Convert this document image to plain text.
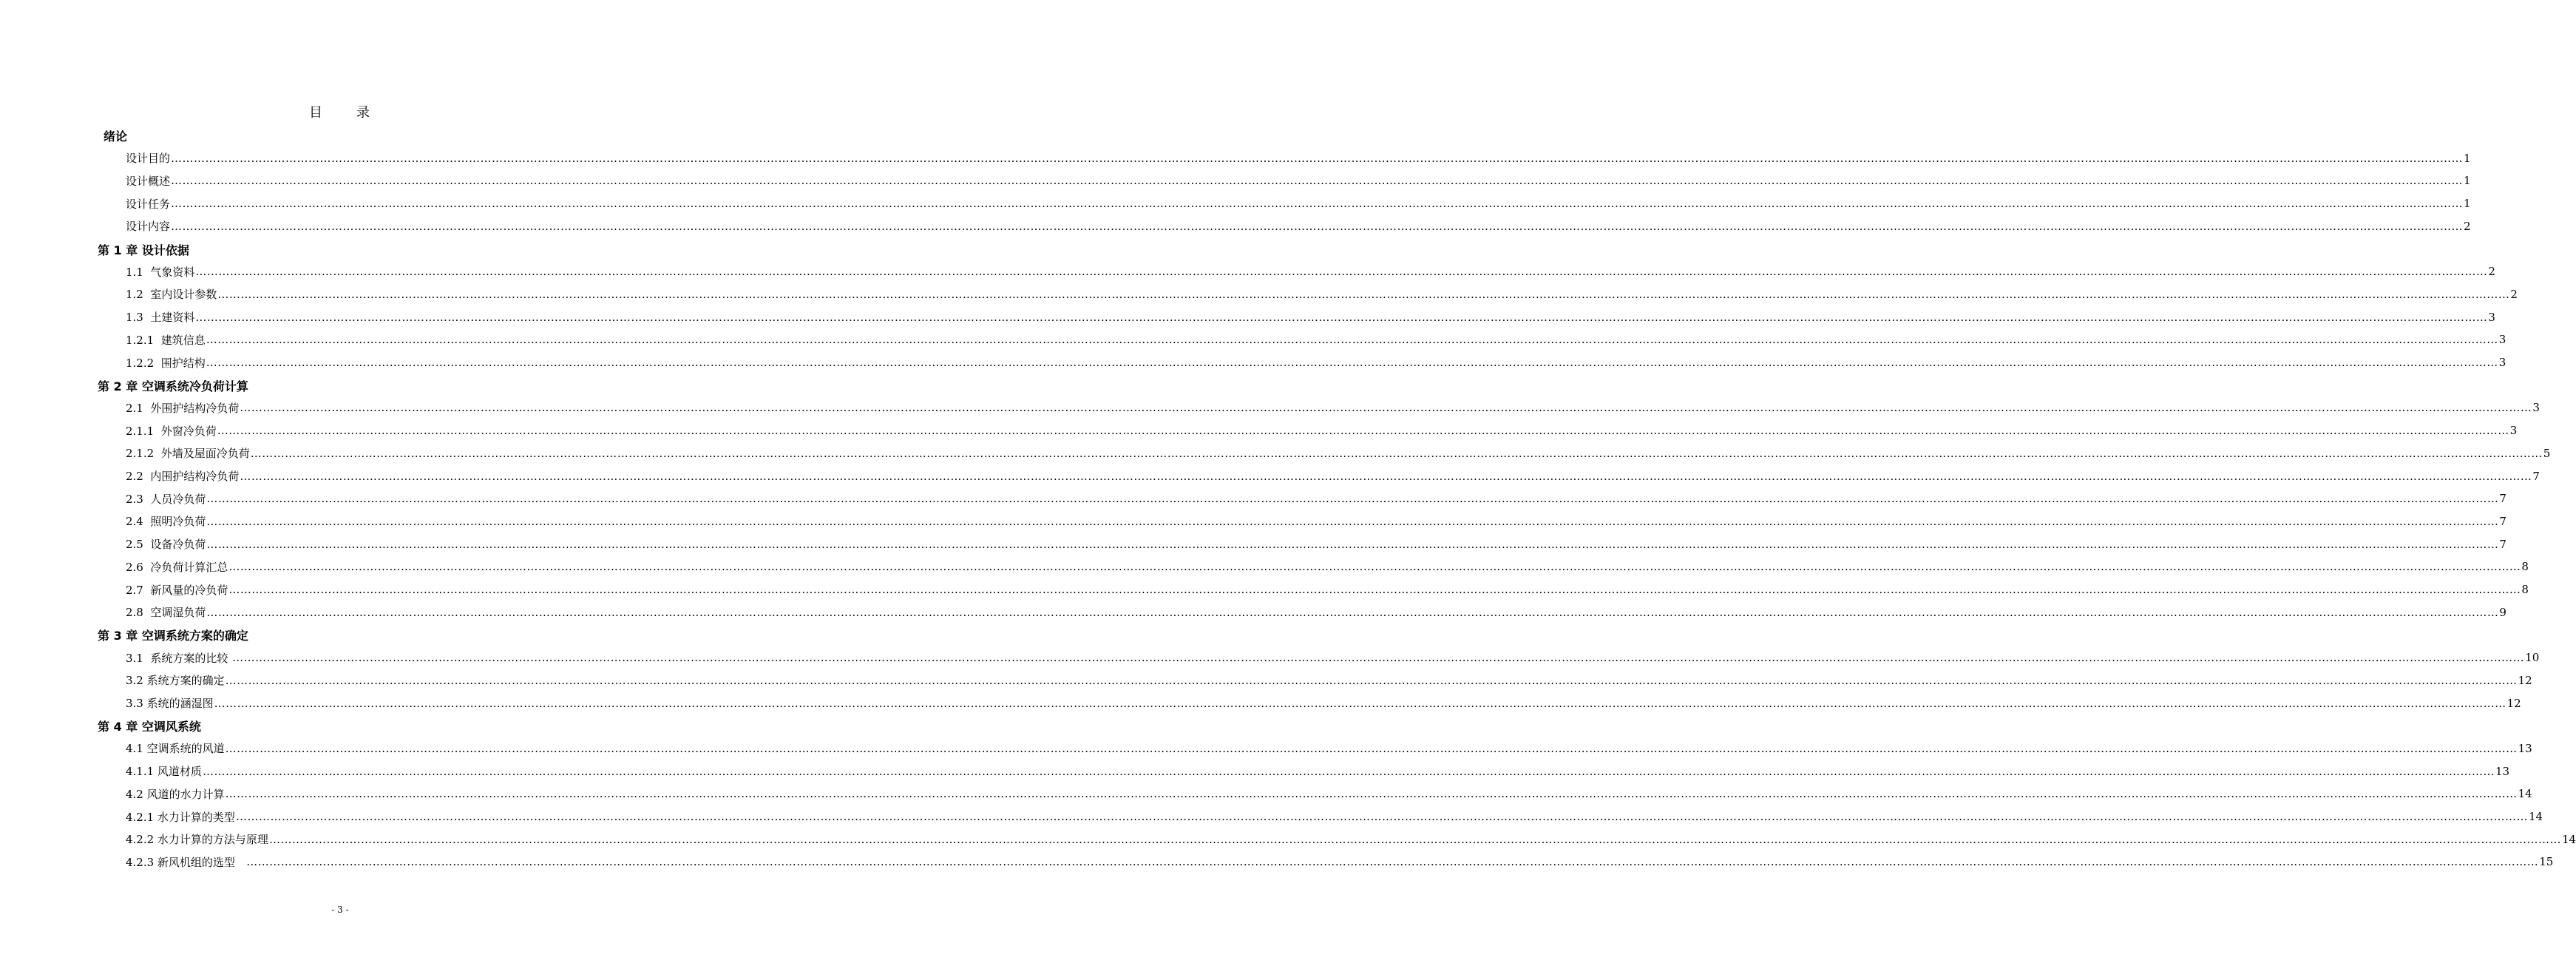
目 录
绪论
设计目的 …………………………………………………………………………………………………………………………………………………………………………………………………………………………………………………………………………………………………………………………………………………………………………………………………………………………………………………………………………………………………………………………………………………… 1
设计概述 …………………………………………………………………………………………………………………………………………………………………………………………………………………………………………………………………………………………………………………………………………………………………………………………………………………………………………………………………………………………………………………………………………………… 1
设计任务 …………………………………………………………………………………………………………………………………………………………………………………………………………………………………………………………………………………………………………………………………………………………………………………………………………………………………………………………………………………………………………………………………………………… 1
设计内容 …………………………………………………………………………………………………………………………………………………………………………………………………………………………………………………………………………………………………………………………………………………………………………………………………………………………………………………………………………………………………………………………………………………… 2
第 1 章 设计依据
1.1  气象资料 …………………………………………………………………………………………………………………………………………………………………………………………………………………………………………………………………………………………………………………………………………………………………………………………………………………………………………………………………………………………………………………………………………………… 2
1.2  室内设计参数 …………………………………………………………………………………………………………………………………………………………………………………………………………………………………………………………………………………………………………………………………………………………………………………………………………………………………………………………………………………………………………………………………………………… 2
1.3  土建资料 …………………………………………………………………………………………………………………………………………………………………………………………………………………………………………………………………………………………………………………………………………………………………………………………………………………………………………………………………………………………………………………………………………………… 3
1.2.1  建筑信息 …………………………………………………………………………………………………………………………………………………………………………………………………………………………………………………………………………………………………………………………………………………………………………………………………………………………………………………………………………………………………………………………………………………… 3
1.2.2  围护结构 …………………………………………………………………………………………………………………………………………………………………………………………………………………………………………………………………………………………………………………………………………………………………………………………………………………………………………………………………………………………………………………………………………………… 3
第 2 章 空调系统冷负荷计算
2.1  外围护结构冷负荷 …………………………………………………………………………………………………………………………………………………………………………………………………………………………………………………………………………………………………………………………………………………………………………………………………………………………………………………………………………………………………………………………………………………… 3
2.1.1  外窗冷负荷 …………………………………………………………………………………………………………………………………………………………………………………………………………………………………………………………………………………………………………………………………………………………………………………………………………………………………………………………………………………………………………………………………………………… 3
2.1.2  外墙及屋面冷负荷 …………………………………………………………………………………………………………………………………………………………………………………………………………………………………………………………………………………………………………………………………………………………………………………………………………………………………………………………………………………………………………………………………………………… 5
2.2  内围护结构冷负荷 …………………………………………………………………………………………………………………………………………………………………………………………………………………………………………………………………………………………………………………………………………………………………………………………………………………………………………………………………………………………………………………………………………………… 7
2.3  人员冷负荷 …………………………………………………………………………………………………………………………………………………………………………………………………………………………………………………………………………………………………………………………………………………………………………………………………………………………………………………………………………………………………………………………………………………… 7
2.4  照明冷负荷 …………………………………………………………………………………………………………………………………………………………………………………………………………………………………………………………………………………………………………………………………………………………………………………………………………………………………………………………………………………………………………………………………………………… 7
2.5  设备冷负荷 …………………………………………………………………………………………………………………………………………………………………………………………………………………………………………………………………………………………………………………………………………………………………………………………………………………………………………………………………………………………………………………………………………………… 7
2.6  冷负荷计算汇总 …………………………………………………………………………………………………………………………………………………………………………………………………………………………………………………………………………………………………………………………………………………………………………………………………………………………………………………………………………………………………………………………………………………… 8
2.7  新风量的冷负荷 …………………………………………………………………………………………………………………………………………………………………………………………………………………………………………………………………………………………………………………………………………………………………………………………………………………………………………………………………………………………………………………………………………………… 8
2.8  空调湿负荷 …………………………………………………………………………………………………………………………………………………………………………………………………………………………………………………………………………………………………………………………………………………………………………………………………………………………………………………………………………………………………………………………………………………… 9
第 3 章 空调系统方案的确定
3.1  系统方案的比较 …………………………………………………………………………………………………………………………………………………………………………………………………………………………………………………………………………………………………………………………………………………………………………………………………………………………………………………………………………………………………………………………………………………… 10
3.2 系统方案的确定 …………………………………………………………………………………………………………………………………………………………………………………………………………………………………………………………………………………………………………………………………………………………………………………………………………………………………………………………………………………………………………………………………………………… 12
3.3 系统的涵湿图 …………………………………………………………………………………………………………………………………………………………………………………………………………………………………………………………………………………………………………………………………………………………………………………………………………………………………………………………………………………………………………………………………………………… 12
第 4 章 空调风系统
4.1 空调系统的风道 …………………………………………………………………………………………………………………………………………………………………………………………………………………………………………………………………………………………………………………………………………………………………………………………………………………………………………………………………………………………………………………………………………………… 13
4.1.1 风道材质 …………………………………………………………………………………………………………………………………………………………………………………………………………………………………………………………………………………………………………………………………………………………………………………………………………………………………………………………………………………………………………………………………………………… 13
4.2 风道的水力计算 …………………………………………………………………………………………………………………………………………………………………………………………………………………………………………………………………………………………………………………………………………………………………………………………………………………………………………………………………………………………………………………………………………………… 14
4.2.1 水力计算的类型 …………………………………………………………………………………………………………………………………………………………………………………………………………………………………………………………………………………………………………………………………………………………………………………………………………………………………………………………………………………………………………………………………………………… 14
4.2.2 水力计算的方法与原理 …………………………………………………………………………………………………………………………………………………………………………………………………………………………………………………………………………………………………………………………………………………………………………………………………………………………………………………………………………………………………………………………………………………… 14
4.2.3 新风机组的选型 …………………………………………………………………………………………………………………………………………………………………………………………………………………………………………………………………………………………………………………………………………………………………………………………………………………………………………………………………………………………………………………………………………………… 15
- 3 -
